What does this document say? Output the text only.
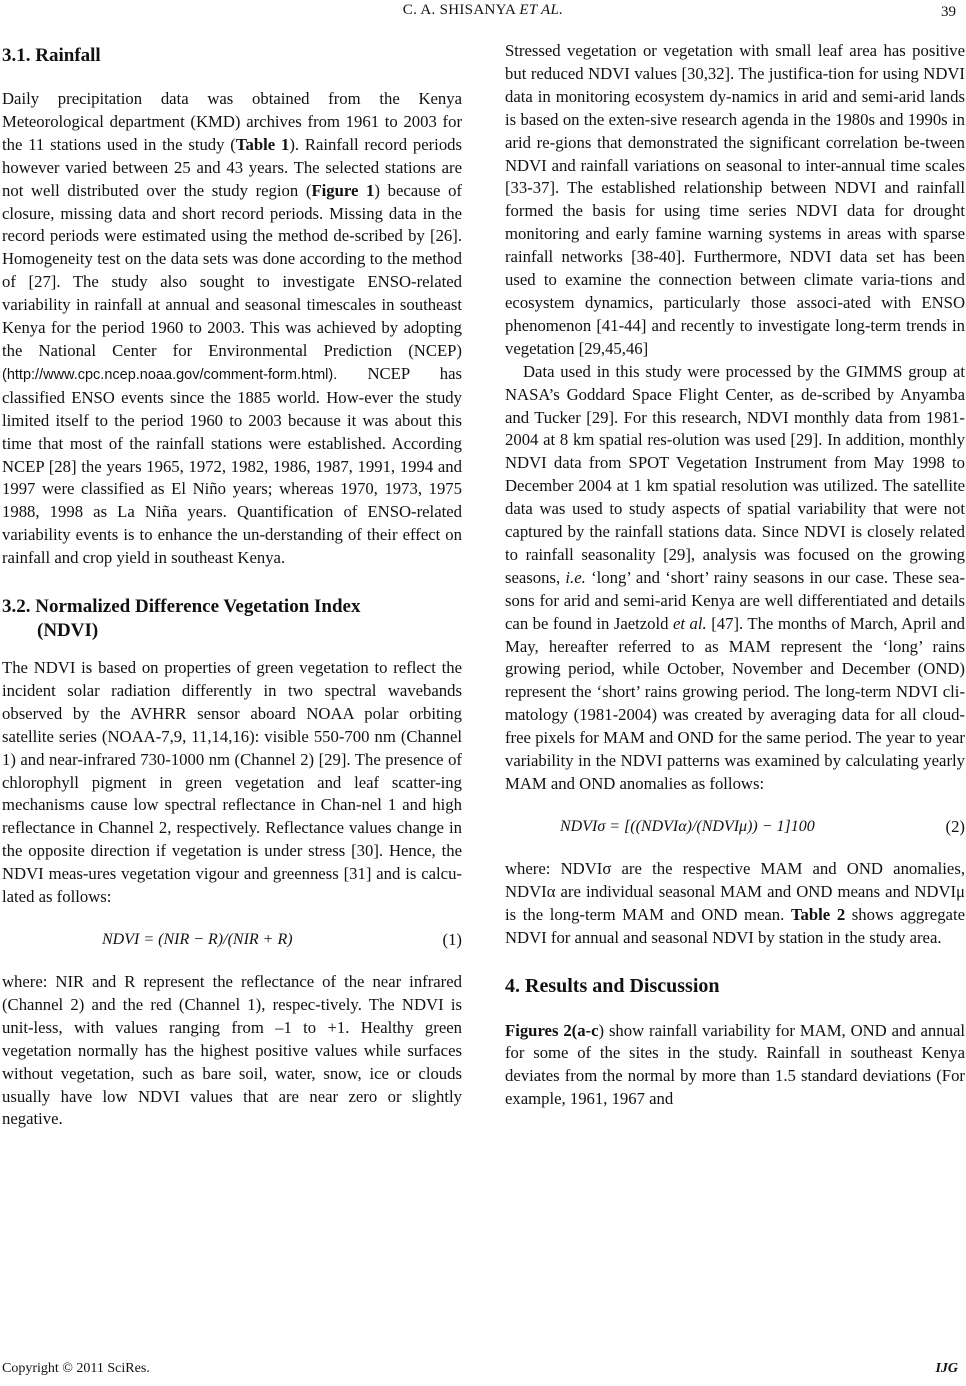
C. A. SHISANYA ET AL.	39
3.1. Rainfall

Daily precipitation data was obtained from the Kenya Meteorological department (KMD) archives from 1961 to 2003 for the 11 stations used in the study (Table 1). Rainfall record periods however varied between 25 and 43 years. The selected stations are not well distributed over the study region (Figure 1) because of closure, missing data and short record periods. Missing data in the record periods were estimated using the method de-scribed by [26]. Homogeneity test on the data sets was done according to the method of [27]. The study also sought to investigate ENSO-related variability in rainfall at annual and seasonal timescales in southeast Kenya for the period 1960 to 2003. This was achieved by adopting the National Center for Environmental Prediction (NCEP) (http://www.cpc.ncep.noaa.gov/comment-form.html). NCEP has classified ENSO events since the 1885 world. How-ever the study limited itself to the period 1960 to 2003 because it was about this time that most of the rainfall stations were established. According NCEP [28] the years 1965, 1972, 1982, 1986, 1987, 1991, 1994 and 1997 were classified as El Niño years; whereas 1970, 1973, 1975 1988, 1998 as La Niña years. Quantification of ENSO-related variability events is to enhance the un-derstanding of their effect on rainfall and crop yield in southeast Kenya.

3.2. Normalized Difference Vegetation Index
(NDVI)

The NDVI is based on properties of green vegetation to reflect the incident solar radiation differently in two spectral wavebands observed by the AVHRR sensor aboard NOAA polar orbiting satellite series (NOAA-7,9, 11,14,16): visible 550-700 nm (Channel 1) and near-infrared 730-1000 nm (Channel 2) [29]. The presence of chlorophyll pigment in green vegetation and leaf scatter-ing mechanisms cause low spectral reflectance in Chan-nel 1 and high reflectance in Channel 2, respectively. Reflectance values change in the opposite direction if vegetation is under stress [30]. Hence, the NDVI meas-ures vegetation vigour and greenness [31] and is calcu-lated as follows:

NDVI = (NIR − R)/(NIR + R)	(1)

where: NIR and R represent the reflectance of the near infrared (Channel 2) and the red (Channel 1), respec-tively. The NDVI is unit-less, with values ranging from –1 to +1. Healthy green vegetation normally has the highest positive values while surfaces without vegetation, such as bare soil, water, snow, ice or clouds usually have low NDVI values that are near zero or slightly negative.

Stressed vegetation or vegetation with small leaf area has positive but reduced NDVI values [30,32]. The justifica-tion for using NDVI data in monitoring ecosystem dy-namics in arid and semi-arid lands is based on the exten-sive research agenda in the 1980s and 1990s in arid re-gions that demonstrated the significant correlation be-tween NDVI and rainfall variations on seasonal to inter-annual time scales [33-37]. The established relationship between NDVI and rainfall formed the basis for using time series NDVI data for drought monitoring and early famine warning systems in areas with sparse rainfall networks [38-40]. Furthermore, NDVI data set has been used to examine the connection between climate varia-tions and ecosystem dynamics, particularly those associ-ated with ENSO phenomenon [41-44] and recently to investigate long-term trends in vegetation [29,45,46]

Data used in this study were processed by the GIMMS group at NASA’s Goddard Space Flight Center, as de-scribed by Anyamba and Tucker [29]. For this research, NDVI monthly data from 1981-2004 at 8 km spatial res-olution was used [29]. In addition, monthly NDVI data from SPOT Vegetation Instrument from May 1998 to December 2004 at 1 km spatial resolution was utilized. The satellite data was used to study aspects of spatial variability that were not captured by the rainfall stations data. Since NDVI is closely related to rainfall seasonality [29], analysis was focused on the growing seasons, i.e. ‘long’ and ‘short’ rainy seasons in our case. These sea-sons for arid and semi-arid Kenya are well differentiated and details can be found in Jaetzold et al. [47]. The months of March, April and May, hereafter referred to as MAM represent the ‘long’ rains growing period, while October, November and December (OND) represent the ‘short’ rains growing period. The long-term NDVI cli-matology (1981-2004) was created by averaging data for all cloud-free pixels for MAM and OND for the same period. The year to year variability in the NDVI patterns was examined by calculating yearly MAM and OND anomalies as follows:

NDVIσ = [((NDVIα)/(NDVIμ)) − 1]100	(2)

where: NDVIσ are the respective MAM and OND anomalies, NDVIα are individual seasonal MAM and OND means and NDVIμ is the long-term MAM and OND mean. Table 2 shows aggregate NDVI for annual and seasonal NDVI by station in the study area.

4. Results and Discussion

Figures 2(a-c) show rainfall variability for MAM, OND and annual for some of the sites in the study. Rainfall in southeast Kenya deviates from the normal by more than 1.5 standard deviations (For example, 1961, 1967 and

Copyright © 2011 SciRes.	IJG
